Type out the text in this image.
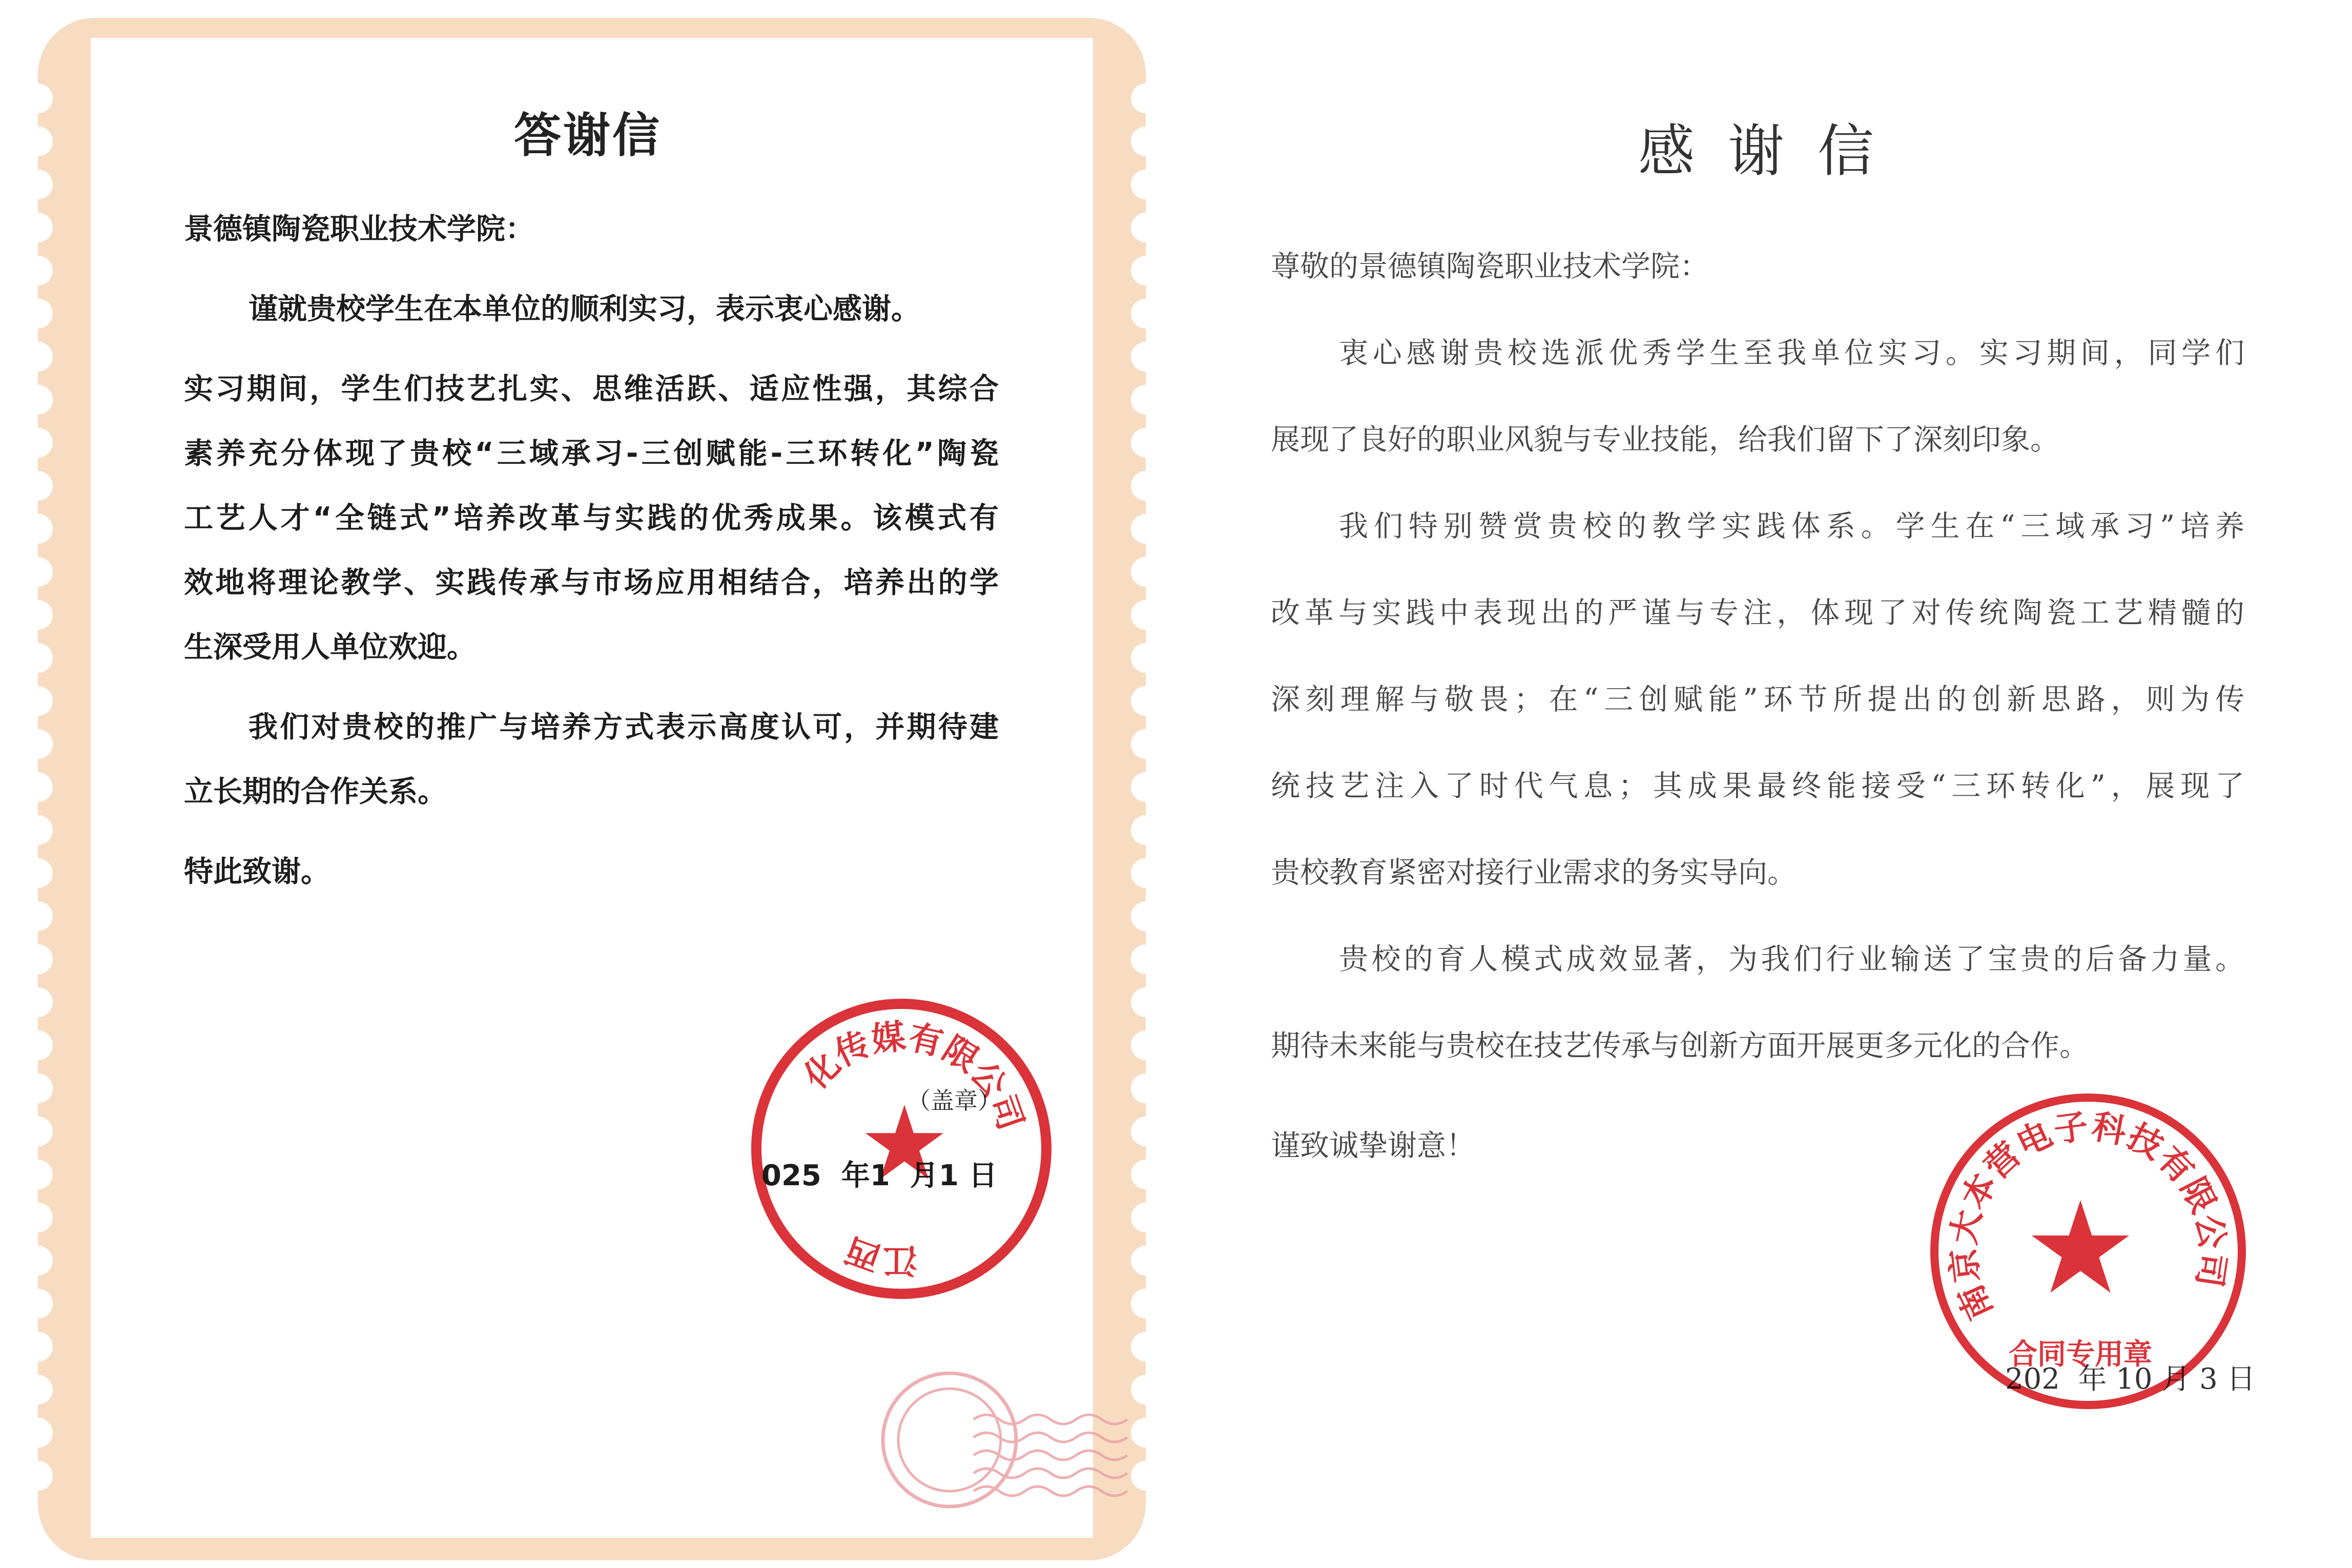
答谢信
景德镇陶瓷职业技术学院：
谨就贵校学生在本单位的顺利实习，表示衷心感谢。
实习期间，学生们技艺扎实、思维活跃、适应性强，其综合
素养充分体现了贵校“三域承习-三创赋能-三环转化”陶瓷
工艺人才“全链式”培养改革与实践的优秀成果。该模式有
效地将理论教学、实践传承与市场应用相结合，培养出的学
生深受用人单位欢迎。
我们对贵校的推广与培养方式表示高度认可，并期待建
立长期的合作关系。
特此致谢。
（盖章）
025  年1  月1 日
江西
化传媒有限公司
感 谢 信
尊敬的景德镇陶瓷职业技术学院：
衷心感谢贵校选派优秀学生至我单位实习。实习期间，同学们
展现了良好的职业风貌与专业技能，给我们留下了深刻印象。
我们特别赞赏贵校的教学实践体系。学生在“三域承习”培养
改革与实践中表现出的严谨与专注，体现了对传统陶瓷工艺精髓的
深刻理解与敬畏；在“三创赋能”环节所提出的创新思路，则为传
统技艺注入了时代气息；其成果最终能接受“三环转化”，展现了
贵校教育紧密对接行业需求的务实导向。
贵校的育人模式成效显著，为我们行业输送了宝贵的后备力量。
期待未来能与贵校在技艺传承与创新方面开展更多元化的合作。
谨致诚挚谢意！
202  年 10 月 3 日
南京大本营电子科技有限公司
合同专用章
